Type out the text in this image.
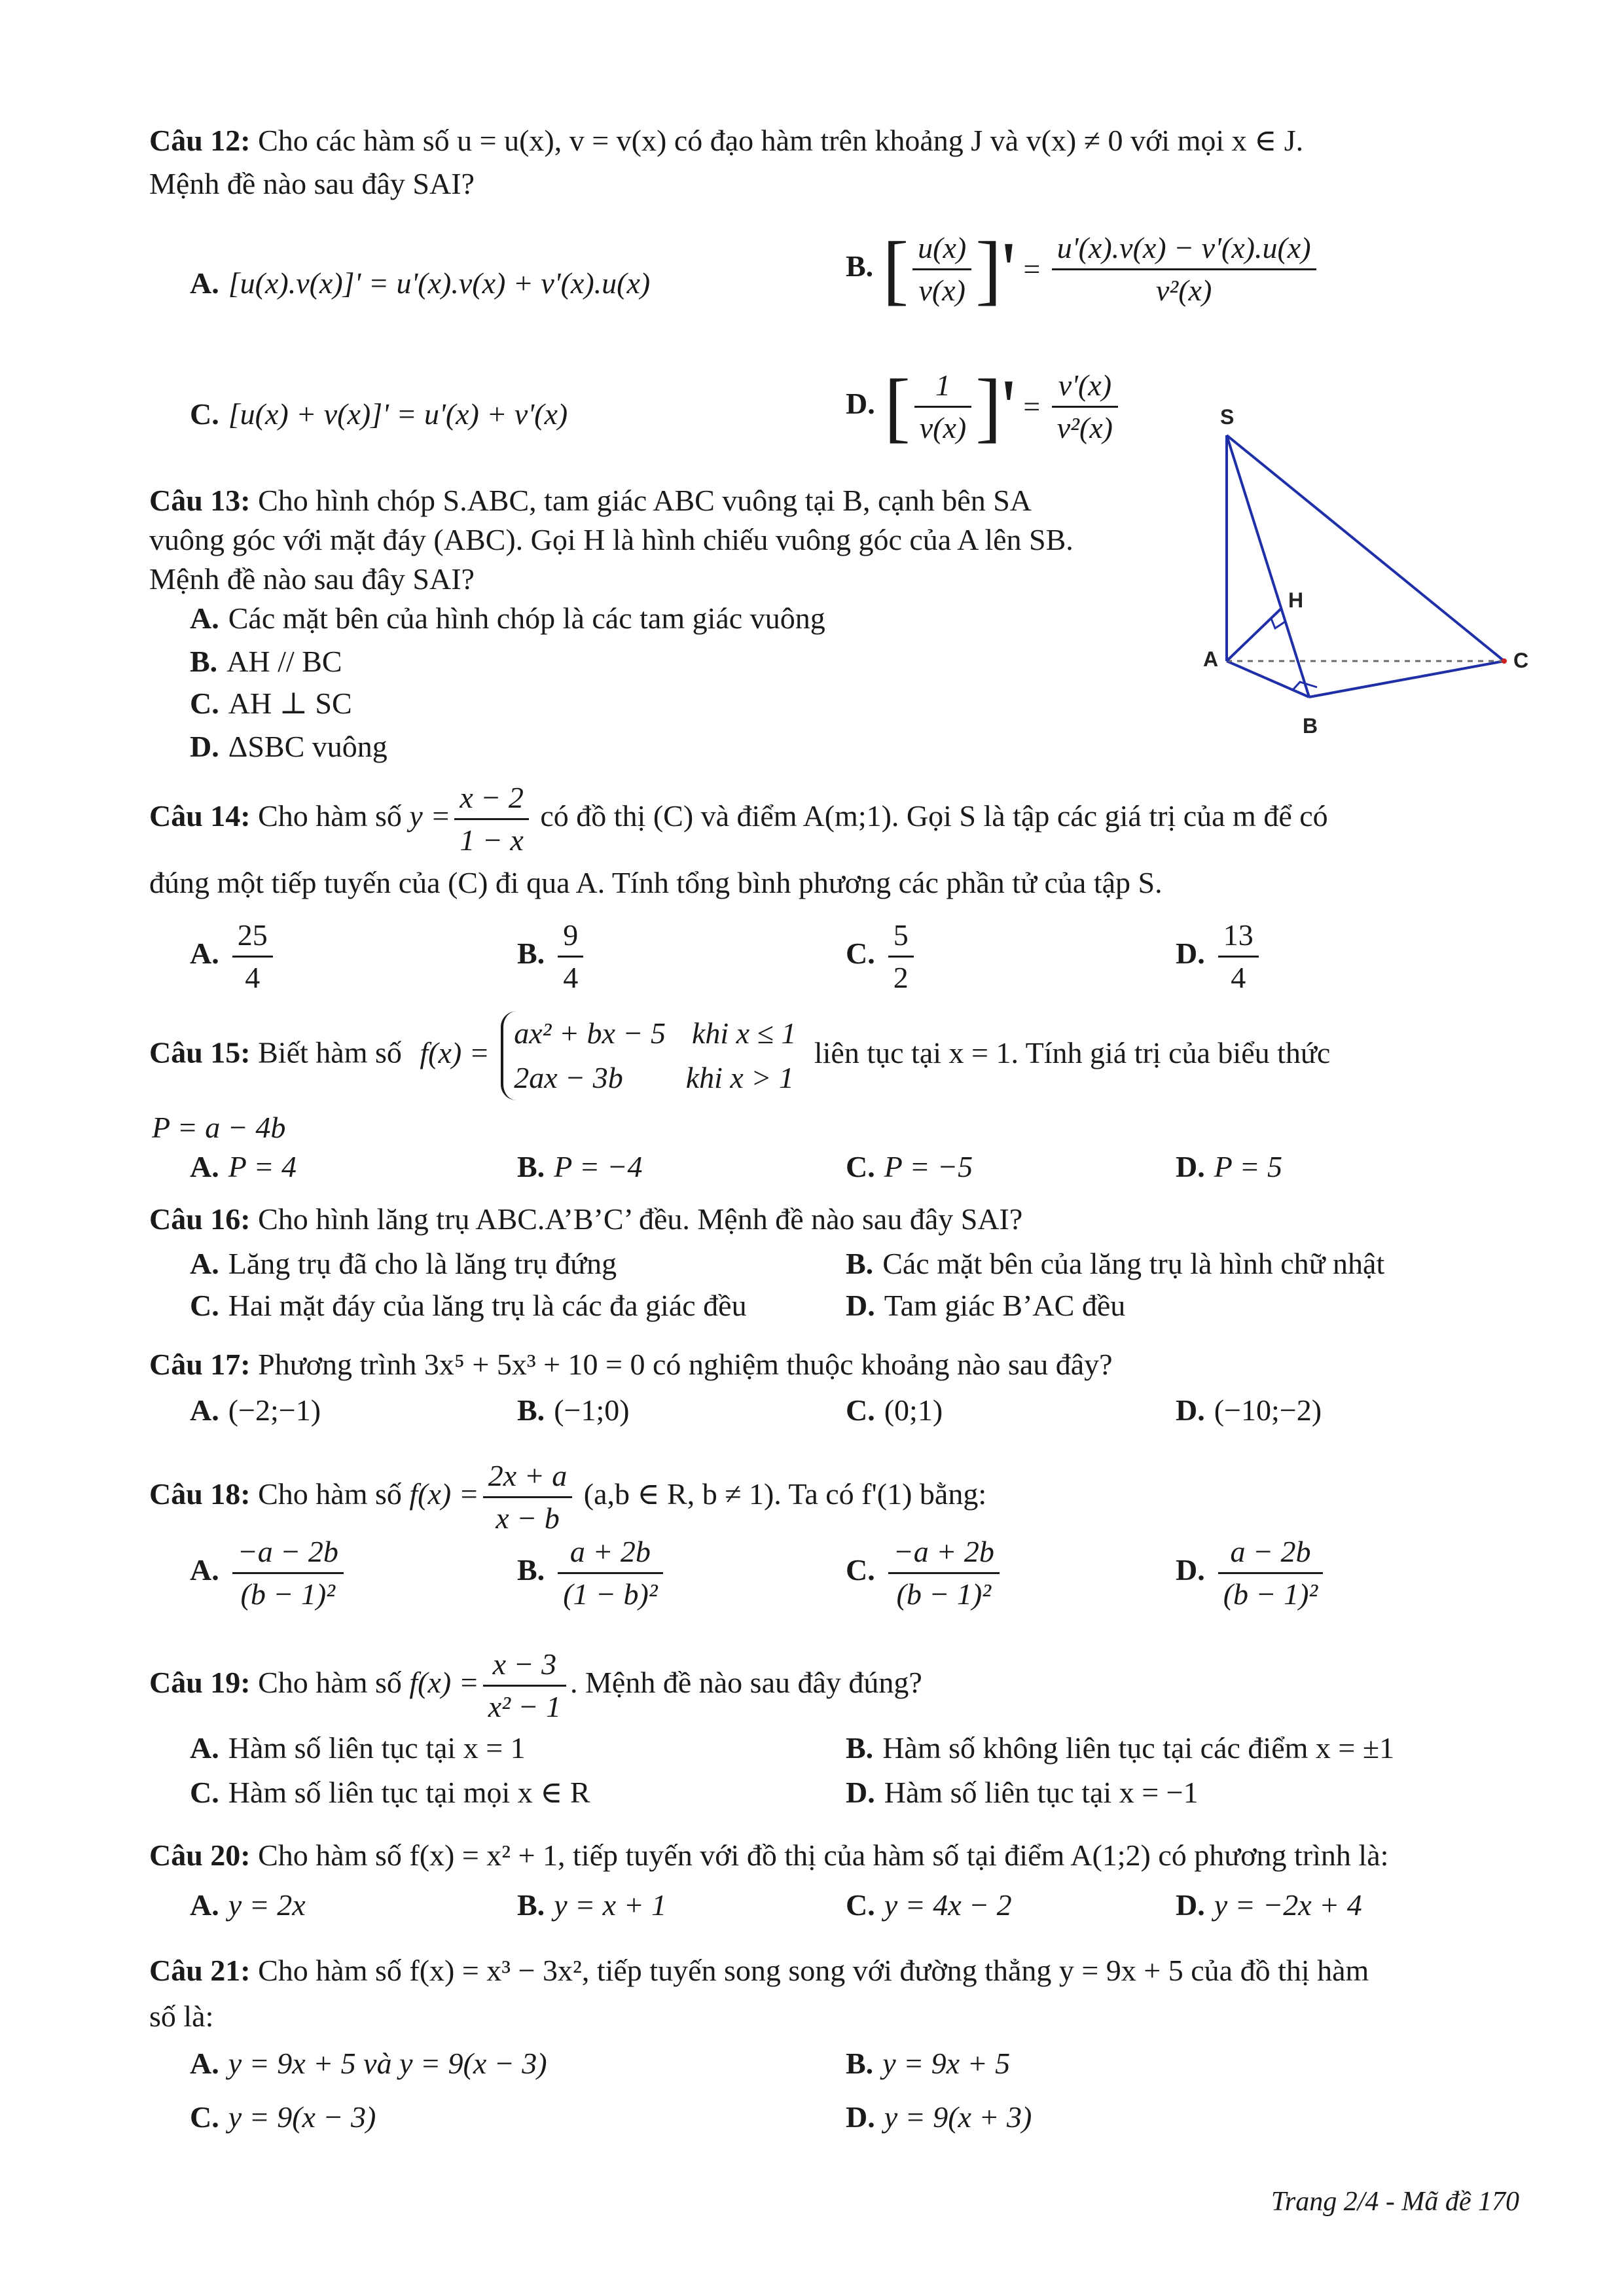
Câu 12: Cho các hàm số u = u(x), v = v(x) có đạo hàm trên khoảng J và v(x) ≠ 0 với mọi x ∈ J.
Mệnh đề nào sau đây SAI?
A. [u(x).v(x)]' = u'(x).v(x) + v'(x).u(x)
B. [ $\frac{u(x)}{v(x)}$ ]' = $\frac{u'(x).v(x) - v'(x).u(x)}{\text{v²(x)}}$
C. [u(x) + v(x)]' = u'(x) + v'(x)	D. [ $\frac{1}{v(x)}$ ]' = $\frac{v'(x)}{\text{v²(x)}}$
Câu 13: Cho hình chóp S.ABC, tam giác ABC vuông tại B, cạnh bên SA
vuông góc với mặt đáy (ABC). Gọi H là hình chiếu vuông góc của A lên SB.
Mệnh đề nào sau đây SAI?
A. Các mặt bên của hình chóp là các tam giác vuông
B. AH // BC
C. AH ⊥ SC
D. ΔSBC vuông
S
H
A
B
C
Câu 14: Cho hàm số $y = \frac{x - 2}{1 - x}$ có đồ thị (C) và điểm A(m;1). Gọi S là tập các giá trị của m để có
đúng một tiếp tuyến của (C) đi qua A. Tính tổng bình phương các phần tử của tập S.
A. $\frac{25}{4}$	B. $\frac{9}{4}$	C. $\frac{5}{2}$	D. $\frac{13}{4}$
Câu 15: Biết hàm số f(x) =
ax² + bx − 5 khi x ≤ 1
2ax − 3b khi x > 1
liên tục tại x = 1. Tính giá trị của biểu thức
P = a − 4b
A. P = 4	B. P = −4	C. P = −5	D. P = 5
Câu 16: Cho hình lăng trụ ABC.A’B’C’ đều. Mệnh đề nào sau đây SAI?
A. Lăng trụ đã cho là lăng trụ đứng	B. Các mặt bên của lăng trụ là hình chữ nhật
C. Hai mặt đáy của lăng trụ là các đa giác đều	D. Tam giác B’AC đều
Câu 17: Phương trình 3x⁵ + 5x³ + 10 = 0 có nghiệm thuộc khoảng nào sau đây?
A. (−2;−1)	B. (−1;0)	C. (0;1)	D. (−10;−2)
Câu 18: Cho hàm số $f(x) = \frac{2x + a}{x - b} (a,b$ ∈ R, b ≠ 1). Ta có f'(1) bằng:
A. $\frac{-a - 2b}{\text{(b − 1)²}}$	B. $\frac{a + 2b}{\text{(1 − b)²}}$	C. $\frac{-a + 2b}{\text{(b − 1)²}}$	D. $\frac{a - 2b}{\text{(b − 1)²}}$
Câu 19: Cho hàm số $f(x) = \frac{x - 3}{\text{x² − 1}}$ . Mệnh đề nào sau đây đúng?
A. Hàm số liên tục tại x = 1	B. Hàm số không liên tục tại các điểm x = ±1
C. Hàm số liên tục tại mọi x ∈ R	D. Hàm số liên tục tại x = −1
Câu 20: Cho hàm số f(x) = x² + 1, tiếp tuyến với đồ thị của hàm số tại điểm A(1;2) có phương trình là:
A. y = 2x	B. y = x + 1	C. y = 4x − 2	D. y = −2x + 4
Câu 21: Cho hàm số f(x) = x³ − 3x², tiếp tuyến song song với đường thẳng y = 9x + 5 của đồ thị hàm
số là:
A. y = 9x + 5 và y = 9(x − 3)	B. y = 9x + 5
C. y = 9(x − 3)	D. y = 9(x + 3)
Trang 2/4 - Mã đề 170
